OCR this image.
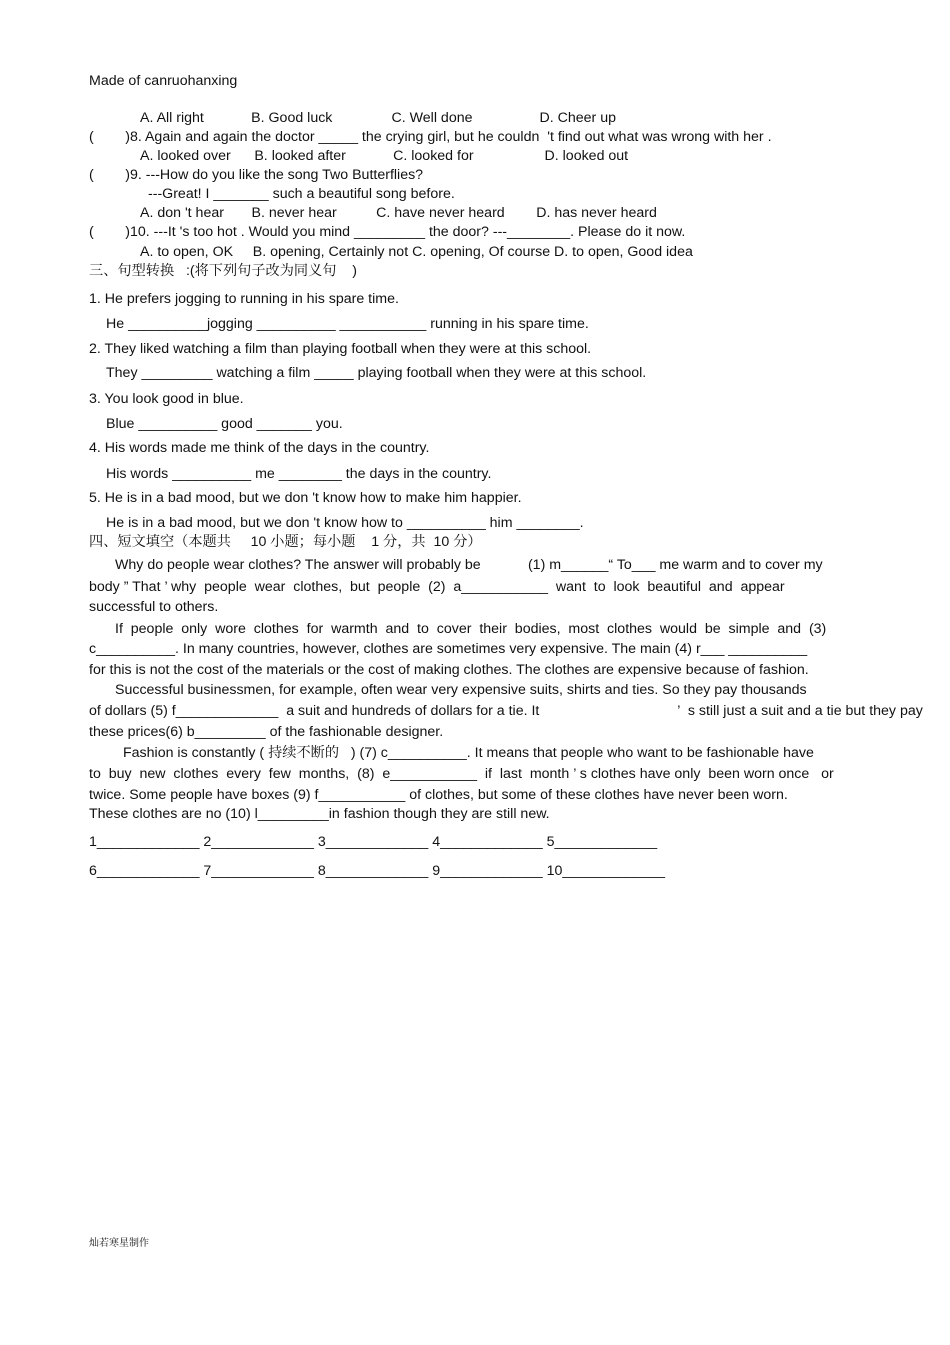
Made of canruohanxing
A. All right            B. Good luck               C. Well done                 D. Cheer up
(        )8. Again and again the doctor _____ the crying girl, but he couldn  't find out what was wrong with her .
A. looked over      B. looked after            C. looked for                  D. looked out
(        )9. ---How do you like the song Two Butterflies?
---Great! I _______ such a beautiful song before.
A. don 't hear       B. never hear          C. have never heard        D. has never heard
(        )10. ---It 's too hot . Would you mind _________ the door? ---________. Please do it now.
A. to open, OK     B. opening, Certainly not C. opening, Of course D. to open, Good idea
三、句型转换   :(将下列句子改为同义句    )
1. He prefers jogging to running in his spare time.
He __________jogging __________ ___________ running in his spare time.
2. They liked watching a film than playing football when they were at this school.
They _________ watching a film _____ playing football when they were at this school.
3. You look good in blue.
Blue __________ good _______ you.
4. His words made me think of the days in the country.
His words __________ me ________ the days in the country.
5. He is in a bad mood, but we don 't know how to make him happier.
He is in a bad mood, but we don 't know how to __________ him ________.
四、短文填空（本题共     10 小题；每小题    1 分，共  10 分）
Why do people wear clothes? The answer will probably be            (1) m______“ To___ me warm and to cover my
body ” That ’ why  people  wear  clothes,  but  people  (2)  a___________  want  to  look  beautiful  and  appear
successful to others.
If  people  only  wore  clothes  for  warmth  and  to  cover  their  bodies,  most  clothes  would  be  simple  and  (3)
c__________. In many countries, however, clothes are sometimes very expensive. The main (4) r___ __________
for this is not the cost of the materials or the cost of making clothes. The clothes are expensive because of fashion.
Successful businessmen, for example, often wear very expensive suits, shirts and ties. So they pay thousands
of dollars (5) f_____________  a suit and hundreds of dollars for a tie. It                                   ’  s still just a suit and a tie but they pay
these prices(6) b_________ of the fashionable designer.
Fashion is constantly ( 持续不断的   ) (7) c__________. It means that people who want to be fashionable have
to  buy  new  clothes  every  few  months,  (8)  e___________  if  last  month ’ s clothes have only  been worn once   or
twice. Some people have boxes (9) f___________ of clothes, but some of these clothes have never been worn.
These clothes are no (10) l_________in fashion though they are still new.
1_____________ 2_____________ 3_____________ 4_____________ 5_____________
6_____________ 7_____________ 8_____________ 9_____________ 10_____________
灿若寒星制作
